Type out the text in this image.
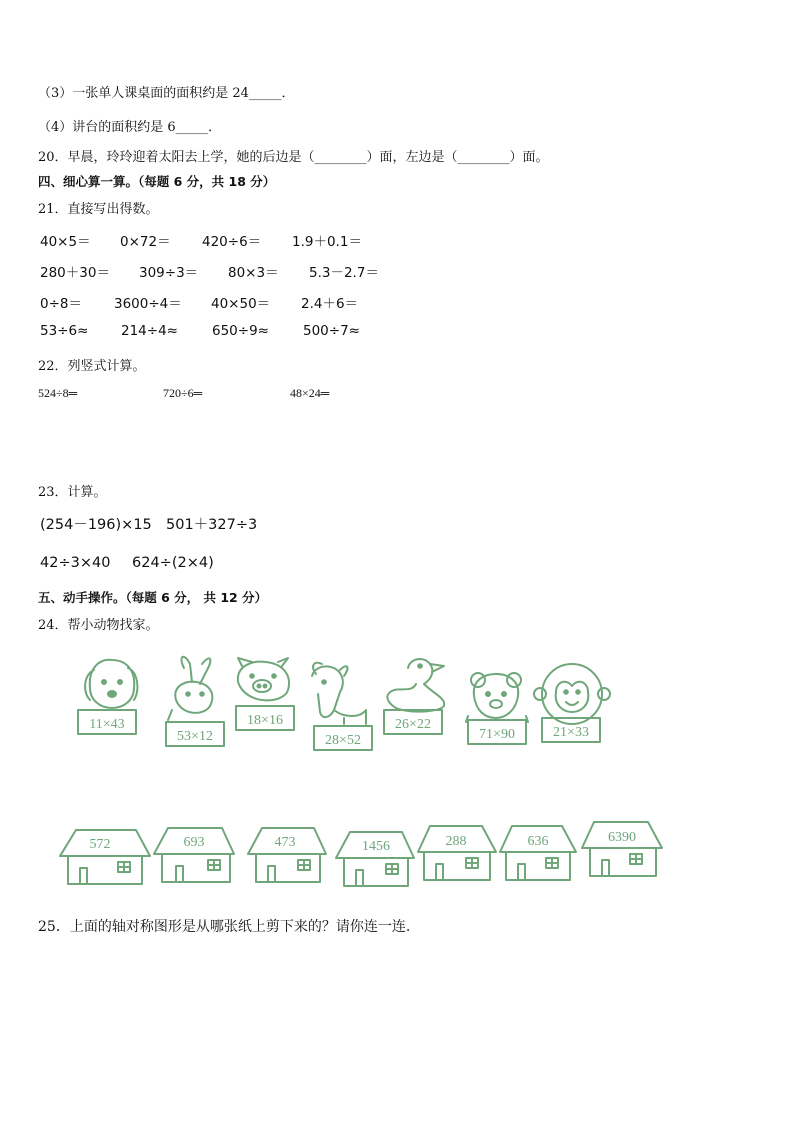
（3）一张单人课桌面的面积约是 24_____．
（4）讲台的面积约是 6_____．
20．早晨，玲玲迎着太阳去上学，她的后边是（________）面，左边是（________）面。
四、细心算一算。（每题 6 分，共 18 分）
21．直接写出得数。
40×5＝ 0×72＝ 420÷6＝ 1.9＋0.1＝
280＋30＝ 309÷3＝ 80×3＝ 5.3－2.7＝
0÷8＝ 3600÷4＝ 40×50＝ 2.4＋6＝
53÷6≈ 214÷4≈	650÷9≈	500÷7≈
22．列竖式计算。
524÷8═	720÷6═	48×24═
23．计算。
(254－196)×15 501＋327÷3
42÷3×40 624÷(2×4)
五、动手操作。（每题 6 分， 共 12 分）
24．帮小动物找家。
11×43
53×12
18×16
28×52
26×22
71×90	21×33
572	693	473	1456	288	636	6390
25．上面的轴对称图形是从哪张纸上剪下来的？请你连一连.
